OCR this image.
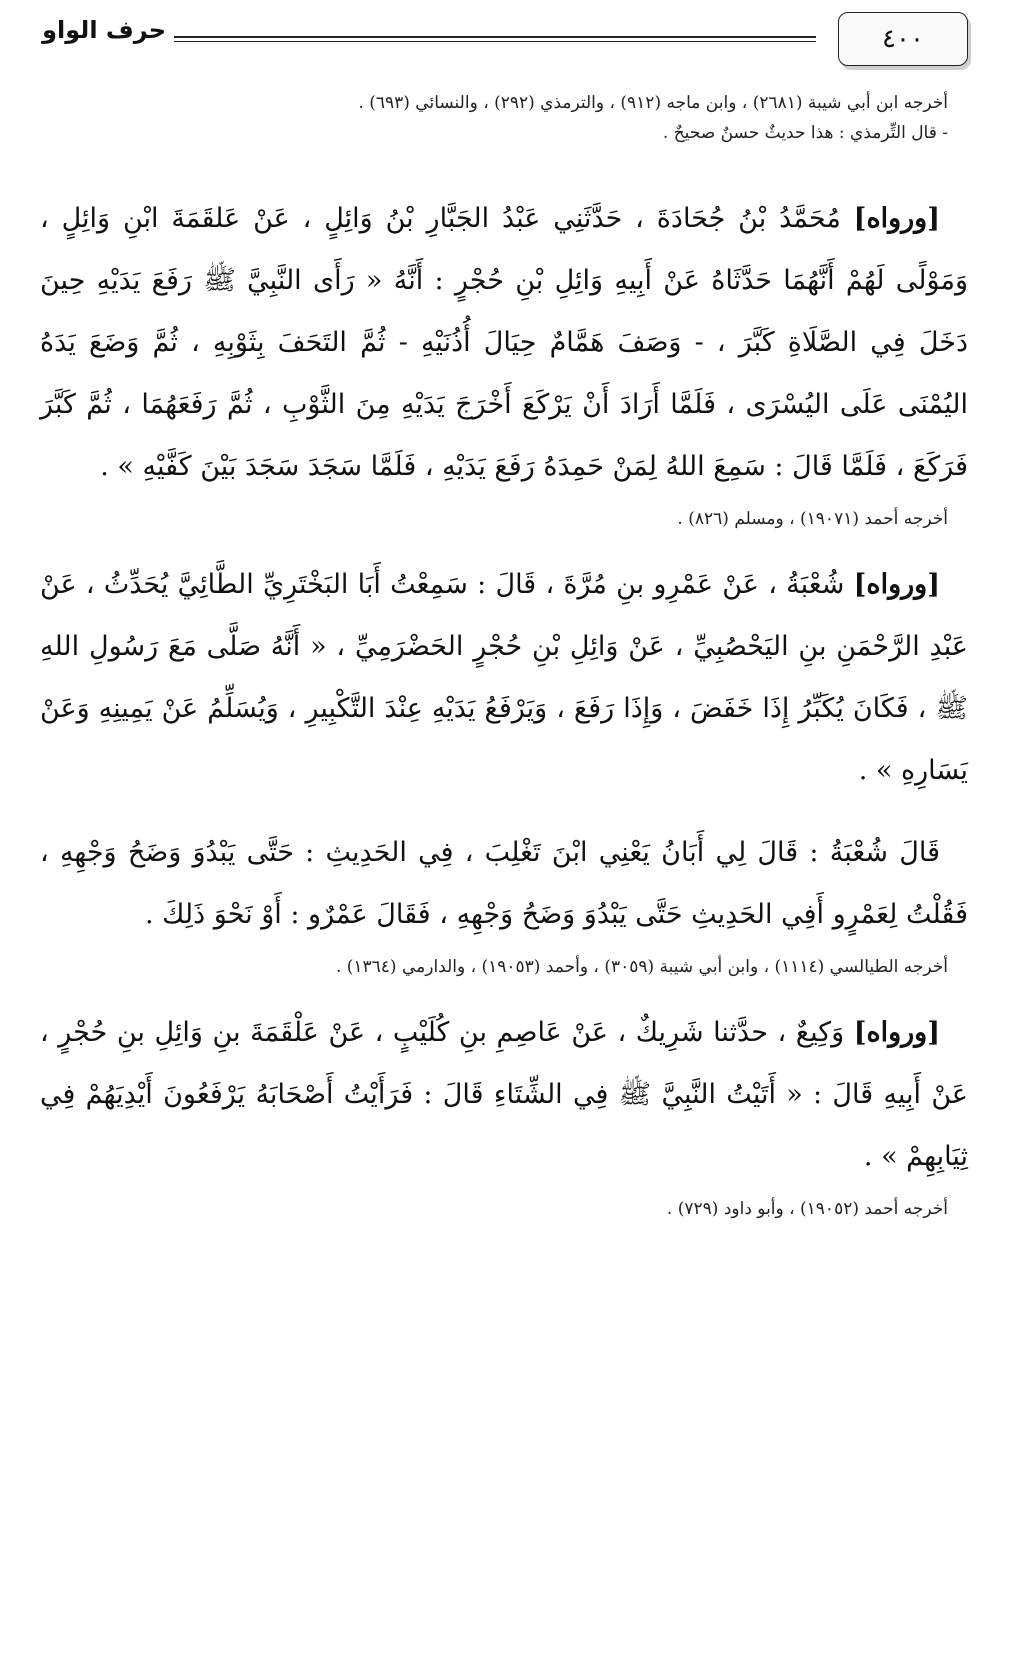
٤٠٠
حرف الواو

أخرجه ابن أبي شيبة (٢٦٨١) ، وابن ماجه (٩١٢) ، والترمذي (٢٩٢) ، والنسائي (٦٩٣) .

- قال التِّرمذي : هذا حديثٌ حسنٌ صحيحٌ .

[ورواه] مُحَمَّدُ بْنُ جُحَادَةَ ، حَدَّثَنِي عَبْدُ الجَبَّارِ بْنُ وَائِلٍ ، عَنْ عَلقَمَةَ ابْنِ وَائِلٍ ، وَمَوْلًى لَهُمْ أَنَّهُمَا حَدَّثَاهُ عَنْ أَبِيهِ وَائِلِ بْنِ حُجْرٍ : أَنَّهُ « رَأَى النَّبِيَّ ﷺ رَفَعَ يَدَيْهِ حِينَ دَخَلَ فِي الصَّلَاةِ كَبَّرَ ، - وَصَفَ هَمَّامٌ حِيَالَ أُذُنَيْهِ - ثُمَّ التَحَفَ بِثَوْبِهِ ، ثُمَّ وَضَعَ يَدَهُ اليُمْنَى عَلَى اليُسْرَى ، فَلَمَّا أَرَادَ أَنْ يَرْكَعَ أَخْرَجَ يَدَيْهِ مِنَ الثَّوْبِ ، ثُمَّ رَفَعَهُمَا ، ثُمَّ كَبَّرَ فَرَكَعَ ، فَلَمَّا قَالَ : سَمِعَ اللهُ لِمَنْ حَمِدَهُ رَفَعَ يَدَيْهِ ، فَلَمَّا سَجَدَ سَجَدَ بَيْنَ كَفَّيْهِ » .

أخرجه أحمد (١٩٠٧١) ، ومسلم (٨٢٦) .

[ورواه] شُعْبَةُ ، عَنْ عَمْرِو بنِ مُرَّةَ ، قَالَ : سَمِعْتُ أَبَا البَخْتَرِيِّ الطَّائِيَّ يُحَدِّثُ ، عَنْ عَبْدِ الرَّحْمَنِ بنِ اليَحْصُبِيِّ ، عَنْ وَائِلِ بْنِ حُجْرٍ الحَضْرَمِيِّ ، « أَنَّهُ صَلَّى مَعَ رَسُولِ اللهِ ﷺ ، فَكَانَ يُكَبِّرُ إِذَا خَفَضَ ، وَإِذَا رَفَعَ ، وَيَرْفَعُ يَدَيْهِ عِنْدَ التَّكْبِيرِ ، وَيُسَلِّمُ عَنْ يَمِينِهِ وَعَنْ يَسَارِهِ » .

قَالَ شُعْبَةُ : قَالَ لِي أَبَانُ يَعْنِي ابْنَ تَغْلِبَ ، فِي الحَدِيثِ : حَتَّى يَبْدُوَ وَضَحُ وَجْهِهِ ، فَقُلْتُ لِعَمْرٍو أَفِي الحَدِيثِ حَتَّى يَبْدُوَ وَضَحُ وَجْهِهِ ، فَقَالَ عَمْرٌو : أَوْ نَحْوَ ذَلِكَ .

أخرجه الطيالسي (١١١٤) ، وابن أبي شيبة (٣٠٥٩) ، وأحمد (١٩٠٥٣) ، والدارمي (١٣٦٤) .

[ورواه] وَكِيعٌ ، حدَّثنا شَرِيكٌ ، عَنْ عَاصِمِ بنِ كُلَيْبٍ ، عَنْ عَلْقَمَةَ بنِ وَائِلِ بنِ حُجْرٍ ، عَنْ أَبِيهِ قَالَ : « أَتَيْتُ النَّبِيَّ ﷺ فِي الشِّتَاءِ قَالَ : فَرَأَيْتُ أَصْحَابَهُ يَرْفَعُونَ أَيْدِيَهُمْ فِي ثِيَابِهِمْ » .

أخرجه أحمد (١٩٠٥٢) ، وأبو داود (٧٢٩) .
